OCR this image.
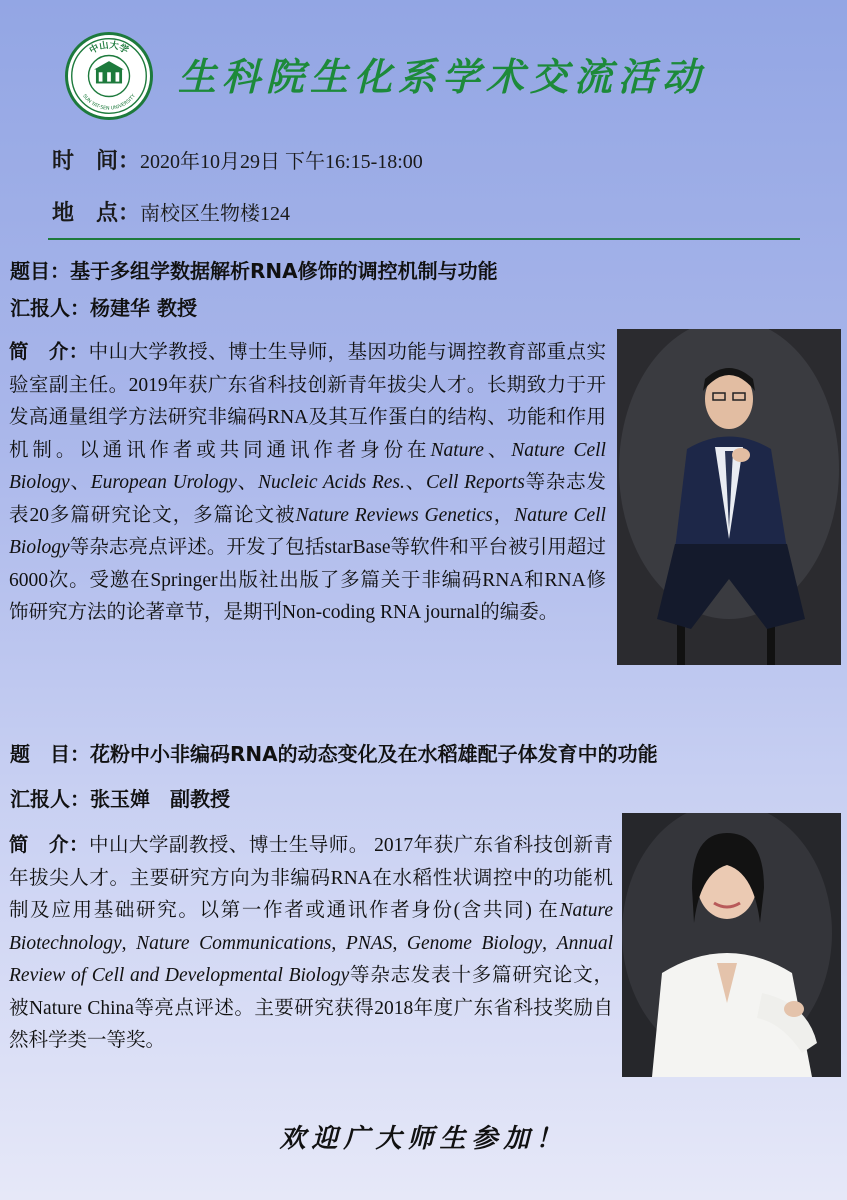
中山大学
SUN YAT-SEN UNIVERSITY 生科院生化系学术交流活动
时　间：2020年10月29日 下午16:15-18:00
地　点：南校区生物楼124
题目：基于多组学数据解析RNA修饰的调控机制与功能
汇报人：杨建华 教授
简　介：中山大学教授、博士生导师，基因功能与调控教育部重点实验室副主任。2019年获广东省科技创新青年拔尖人才。长期致力于开发高通量组学方法研究非编码RNA及其互作蛋白的结构、功能和作用机制。以通讯作者或共同通讯作者身份在Nature、Nature Cell Biology、European Urology、Nucleic Acids Res.、Cell Reports等杂志发表20多篇研究论文，多篇论文被Nature Reviews Genetics，Nature Cell Biology等杂志亮点评述。开发了包括starBase等软件和平台被引用超过6000次。受邀在Springer出版社出版了多篇关于非编码RNA和RNA修饰研究方法的论著章节，是期刊Non-coding RNA journal的编委。
题　目：花粉中小非编码RNA的动态变化及在水稻雄配子体发育中的功能
汇报人：张玉婵　副教授
简　介：中山大学副教授、博士生导师。 2017年获广东省科技创新青年拔尖人才。主要研究方向为非编码RNA在水稻性状调控中的功能机制及应用基础研究。以第一作者或通讯作者身份(含共同) 在Nature Biotechnology, Nature Communications, PNAS, Genome Biology, Annual Review of Cell and Developmental Biology等杂志发表十多篇研究论文，被Nature China等亮点评述。主要研究获得2018年度广东省科技奖励自然科学类一等奖。
欢迎广大师生参加！
